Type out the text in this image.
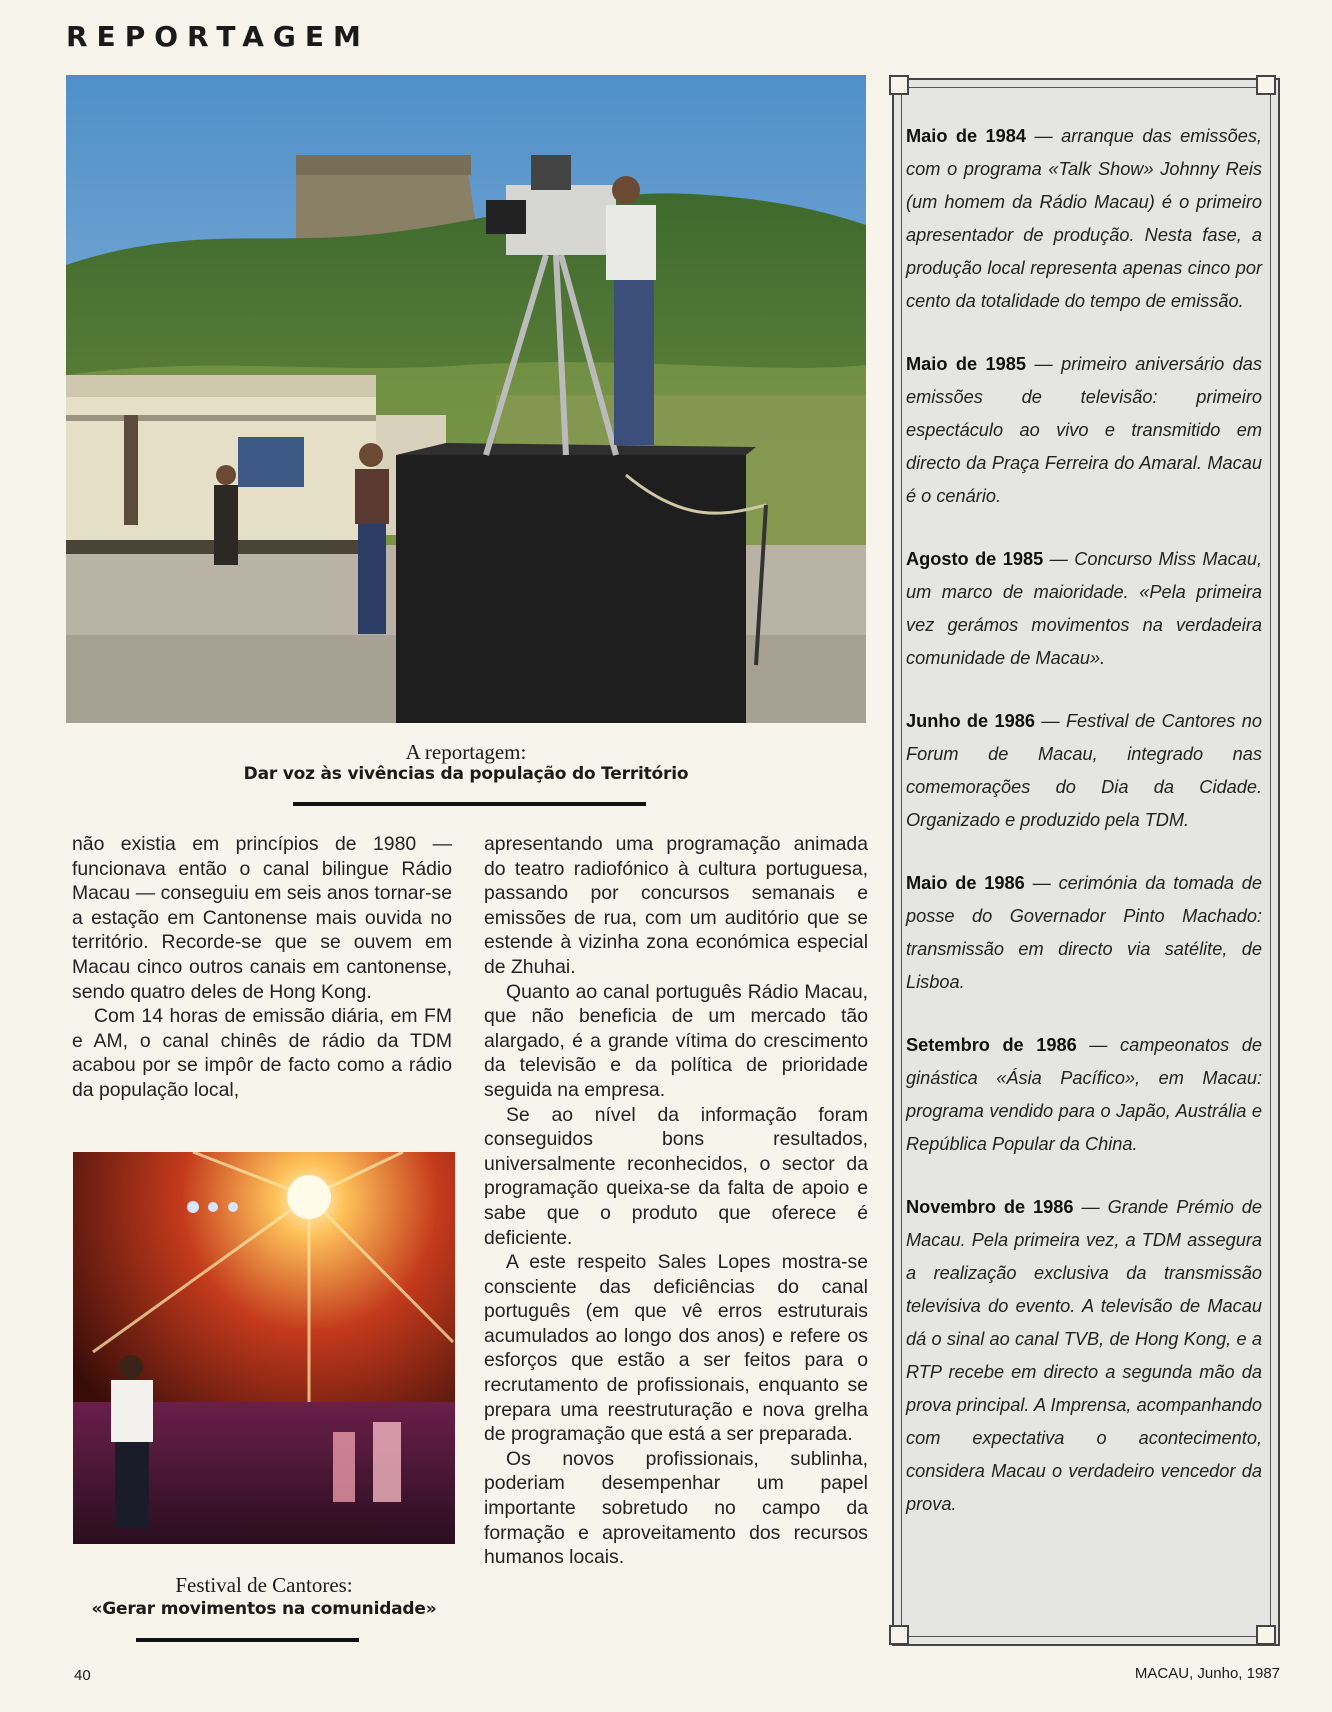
REPORTAGEM
A reportagem:
Dar voz às vivências da população do Território

não existia em princípios de 1980 — funcionava então o canal bilingue Rádio Macau — conseguiu em seis anos tornar-se a estação em Cantonense mais ouvida no território. Recorde-se que se ouvem em Macau cinco outros canais em cantonense, sendo quatro deles de Hong Kong.

Com 14 horas de emissão diária, em FM e AM, o canal chinês de rádio da TDM acabou por se impôr de facto como a rádio da população local,

apresentando uma programação animada do teatro radiofónico à cultura portuguesa, passando por concursos semanais e emissões de rua, com um auditório que se estende à vizinha zona económica especial de Zhuhai.

Quanto ao canal português Rádio Macau, que não beneficia de um mercado tão alargado, é a grande vítima do crescimento da televisão e da política de prioridade seguida na empresa.

Se ao nível da informação foram conseguidos bons resultados, universalmente reconhecidos, o sector da programação queixa-se da falta de apoio e sabe que o produto que oferece é deficiente.

A este respeito Sales Lopes mostra-se consciente das deficiências do canal português (em que vê erros estruturais acumulados ao longo dos anos) e refere os esforços que estão a ser feitos para o recrutamento de profissionais, enquanto se prepara uma reestruturação e nova grelha de programação que está a ser preparada.

Os novos profissionais, sublinha, poderiam desempenhar um papel importante sobretudo no campo da formação e aproveitamento dos recursos humanos locais.

Festival de Cantores:
«Gerar movimentos na comunidade»

Maio de 1984 — arranque das emissões, com o programa «Talk Show» Johnny Reis (um homem da Rádio Macau) é o primeiro apresentador de produção. Nesta fase, a produção local representa apenas cinco por cento da totalidade do tempo de emissão.

Maio de 1985 — primeiro aniversário das emissões de televisão: primeiro espectáculo ao vivo e transmitido em directo da Praça Ferreira do Amaral. Macau é o cenário.

Agosto de 1985 — Concurso Miss Macau, um marco de maioridade. «Pela primeira vez gerámos movimentos na verdadeira comunidade de Macau».

Junho de 1986 — Festival de Cantores no Forum de Macau, integrado nas comemorações do Dia da Cidade. Organizado e produzido pela TDM.

Maio de 1986 — cerimónia da tomada de posse do Governador Pinto Machado: transmissão em directo via satélite, de Lisboa.

Setembro de 1986 — campeonatos de ginástica «Ásia Pacífico», em Macau: programa vendido para o Japão, Austrália e República Popular da China.

Novembro de 1986 — Grande Prémio de Macau. Pela primeira vez, a TDM assegura a realização exclusiva da transmissão televisiva do evento. A televisão de Macau dá o sinal ao canal TVB, de Hong Kong, e a RTP recebe em directo a segunda mão da prova principal. A Imprensa, acompanhando com expectativa o acontecimento, considera Macau o verdadeiro vencedor da prova.

40	MACAU, Junho, 1987
